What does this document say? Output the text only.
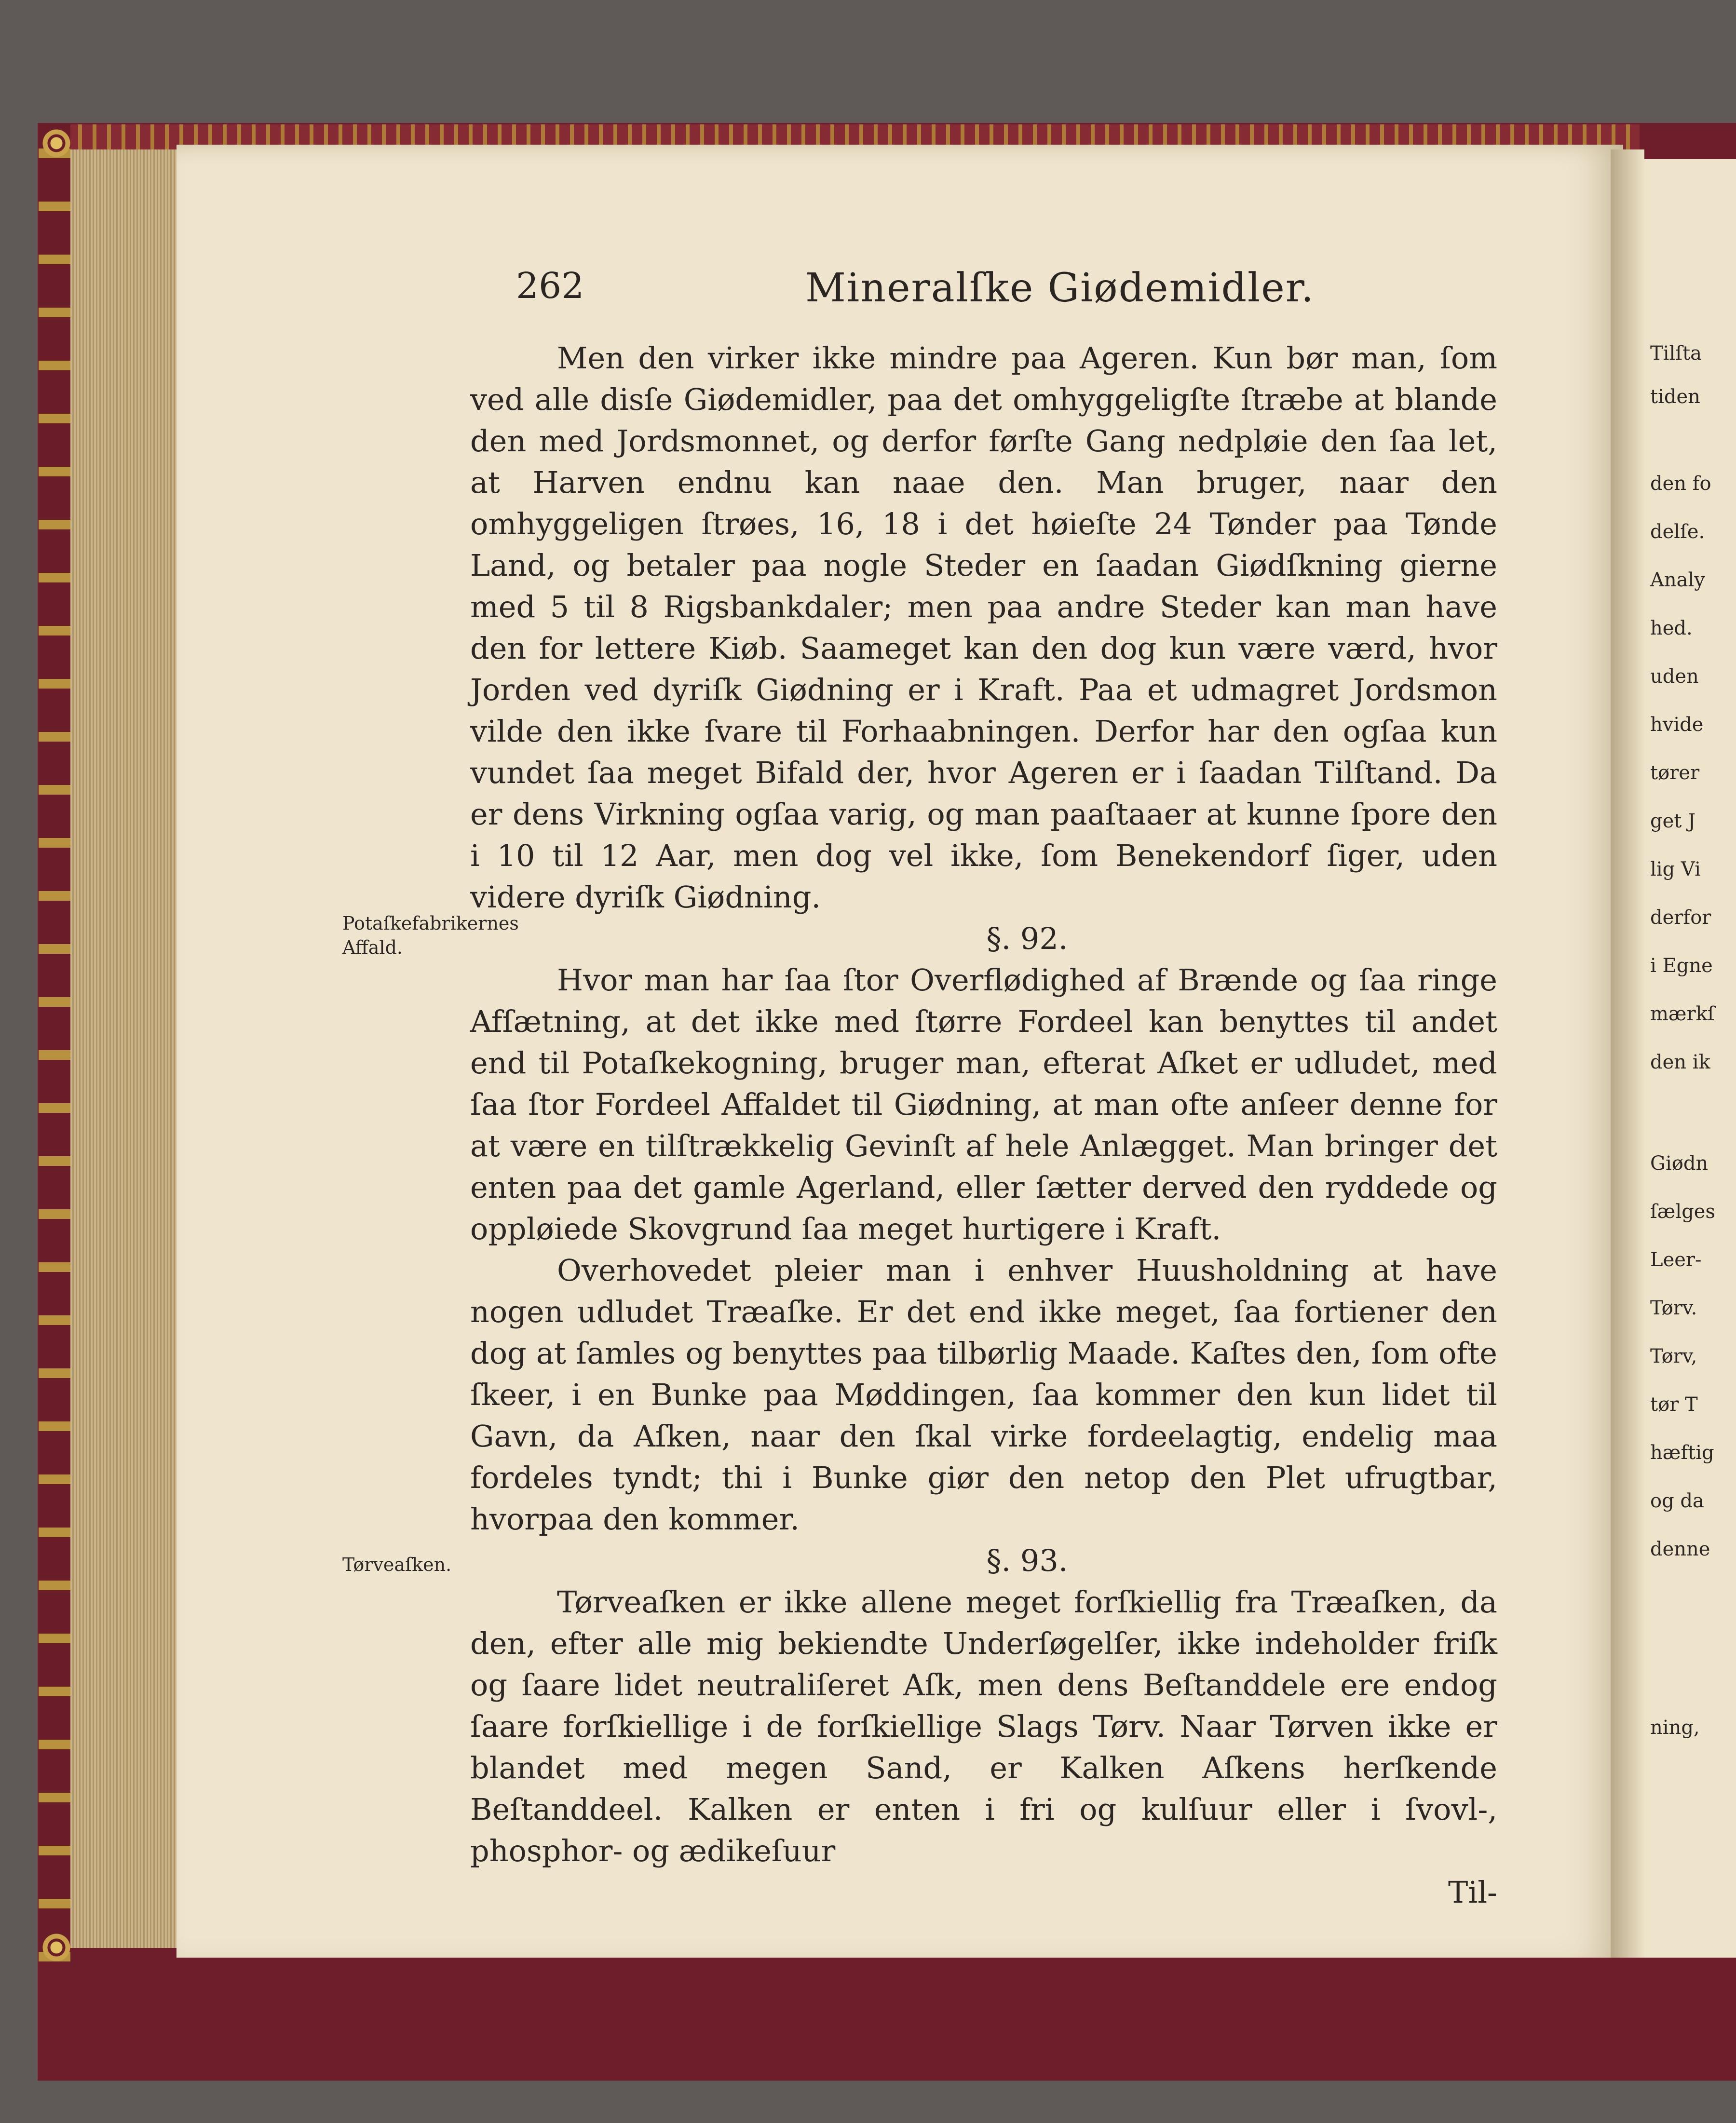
262	Mineralſke Giødemidler.
Potaſkefabrikernes Affald.
Tørveaſken.

Men den virker ikke mindre paa Ageren. Kun bør man, ſom ved alle disſe Giødemidler, paa det omhyggeligſte ſtræbe at blande den med Jordsmonnet, og derfor førſte Gang nedpløie den ſaa let, at Harven endnu kan naae den. Man bruger, naar den omhyggeligen ſtrøes, 16, 18 i det høieſte 24 Tønder paa Tønde Land, og betaler paa nogle Steder en ſaadan Giødſkning gierne med 5 til 8 Rigsbankdaler; men paa andre Steder kan man have den for lettere Kiøb. Saameget kan den dog kun være værd, hvor Jorden ved dyriſk Giødning er i Kraft. Paa et udmagret Jordsmon vilde den ikke ſvare til Forhaabningen. Derfor har den ogſaa kun vundet ſaa meget Bifald der, hvor Ageren er i ſaadan Tilſtand. Da er dens Virkning ogſaa varig, og man paaſtaaer at kunne ſpore den i 10 til 12 Aar, men dog vel ikke, ſom Benekendorf ſiger, uden videre dyriſk Giødning.

§. 92.

Hvor man har ſaa ſtor Overflødighed af Brænde og ſaa ringe Afſætning, at det ikke med ſtørre Fordeel kan benyttes til andet end til Potaſkekogning, bruger man, efterat Aſket er udludet, med ſaa ſtor Fordeel Affaldet til Giødning, at man ofte anſeer denne for at være en tilſtrækkelig Gevinſt af hele Anlægget. Man bringer det enten paa det gamle Agerland, eller ſætter derved den ryddede og oppløiede Skovgrund ſaa meget hurtigere i Kraft.

Overhovedet pleier man i enhver Huusholdning at have nogen udludet Træaſke. Er det end ikke meget, ſaa fortiener den dog at ſamles og benyttes paa tilbørlig Maade. Kaſtes den, ſom ofte ſkeer, i en Bunke paa Møddingen, ſaa kommer den kun lidet til Gavn, da Aſken, naar den ſkal virke fordeelagtig, endelig maa fordeles tyndt; thi i Bunke giør den netop den Plet ufrugtbar, hvorpaa den kommer.

§. 93.

Tørveaſken er ikke allene meget forſkiellig fra Træaſken, da den, efter alle mig bekiendte Underſøgelſer, ikke indeholder friſk og ſaare lidet neutraliſeret Aſk, men dens Beſtanddele ere endog ſaare forſkiellige i de forſkiellige Slags Tørv. Naar Tørven ikke er blandet med megen Sand, er Kalken Aſkens herſkende Beſtanddeel. Kalken er enten i fri og kulſuur eller i ſvovl-, phosphor- og ædikeſuur

Til-

Tilſta
tiden
den fo
delſe.
Analy
hed.
uden
hvide
tører
get J
lig Vi
derfor
i Egne
mærkſ
den ik
Giødn
ſælges
Leer-
Tørv.
Tørv,
tør T
hæftig
og da
denne
ning,
